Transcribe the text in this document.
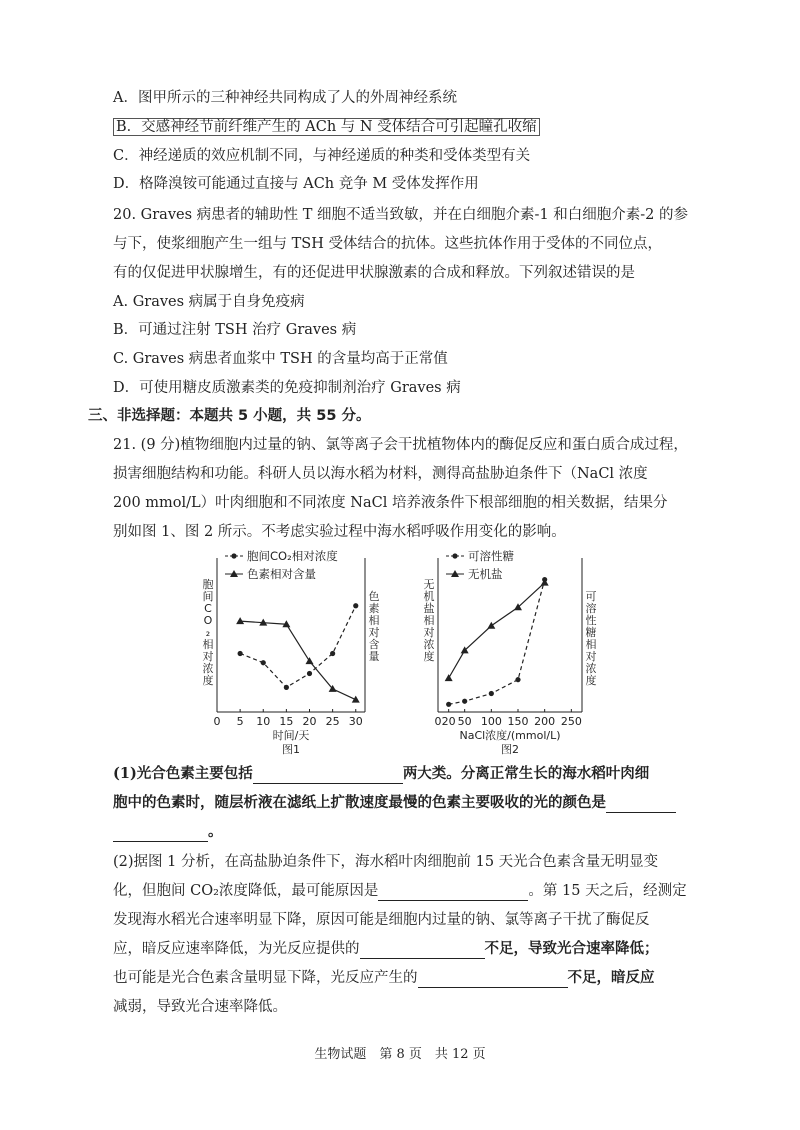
A．图甲所示的三种神经共同构成了人的外周神经系统
B．交感神经节前纤维产生的 ACh 与 N 受体结合可引起瞳孔收缩
C．神经递质的效应机制不同，与神经递质的种类和受体类型有关
D．格降溴铵可能通过直接与 ACh 竞争 M 受体发挥作用
20. Graves 病患者的辅助性 T 细胞不适当致敏，并在白细胞介素-1 和白细胞介素-2 的参
与下，使浆细胞产生一组与 TSH 受体结合的抗体。这些抗体作用于受体的不同位点，
有的仅促进甲状腺增生，有的还促进甲状腺激素的合成和释放。下列叙述错误的是
A. Graves 病属于自身免疫病
B．可通过注射 TSH 治疗 Graves 病
C. Graves 病患者血浆中 TSH 的含量均高于正常值
D．可使用糖皮质激素类的免疫抑制剂治疗 Graves 病
三、非选择题：本题共 5 小题，共 55 分。
21. (9 分)植物细胞内过量的钠、氯等离子会干扰植物体内的酶促反应和蛋白质合成过程，
损害细胞结构和功能。科研人员以海水稻为材料，测得高盐胁迫条件下（NaCl 浓度
200 mmol/L）叶肉细胞和不同浓度 NaCl 培养液条件下根部细胞的相关数据，结果分
别如图 1、图 2 所示。不考虑实验过程中海水稻呼吸作用变化的影响。
0 5 10 15 20 25 30
时间/天
图1
胞
间
C
O
₂
相
对
浓
度
色
素
相
对
含
量
胞间CO₂相对浓度
色素相对含量
0 20 50 100 150 200 250
NaCl浓度/(mmol/L)
图2
无
机
盐
相
对
浓
度
可
溶
性
糖
相
对
浓
度
可溶性糖
无机盐
(1)光合色素主要包括	两大类。分离正常生长的海水稻叶肉细
胞中的色素时，随层析液在滤纸上扩散速度最慢的色素主要吸收的光的颜色是
。
(2)据图 1 分析，在高盐胁迫条件下，海水稻叶肉细胞前 15 天光合色素含量无明显变
化，但胞间 CO₂浓度降低，最可能原因是	。第 15 天之后，经测定
发现海水稻光合速率明显下降，原因可能是细胞内过量的钠、氯等离子干扰了酶促反
应，暗反应速率降低，为光反应提供的	不足，导致光合速率降低；
也可能是光合色素含量明显下降，光反应产生的	不足，暗反应
减弱，导致光合速率降低。
生物试题　第 8 页　共 12 页
